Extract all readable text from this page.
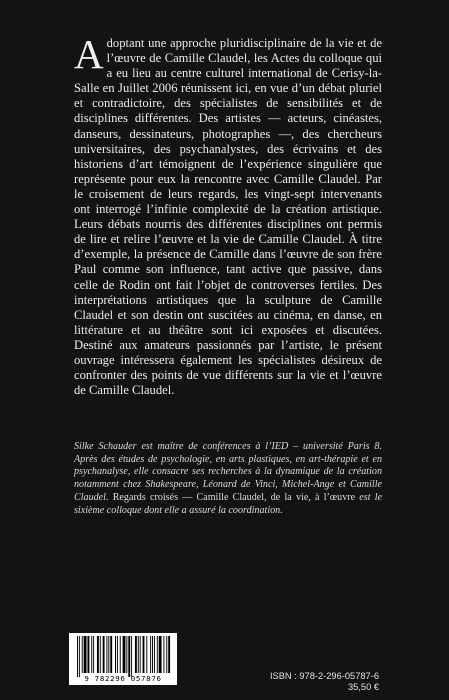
Adoptant une approche pluridisciplinaire de la vie et de l’œuvre de Camille Claudel, les Actes du colloque qui a eu lieu au centre culturel international de Cerisy-la-Salle en Juillet 2006 réunissent ici, en vue d’un débat pluriel et contradictoire, des spécialistes de sensibilités et de disciplines différentes. Des artistes — acteurs, cinéastes, danseurs, dessinateurs, photographes —, des chercheurs universitaires, des psychanalystes, des écrivains et des historiens d’art témoignent de l’expérience singulière que représente pour eux la rencontre avec Camille Claudel. Par le croisement de leurs regards, les vingt-sept intervenants ont interrogé l’infinie complexité de la création artistique. Leurs débats nourris des différentes disciplines ont permis de lire et relire l’œuvre et la vie de Camille Claudel. À titre d’exemple, la présence de Camille dans l’œuvre de son frère Paul comme son influence, tant active que passive, dans celle de Rodin ont fait l’objet de controverses fertiles. Des interprétations artistiques que la sculpture de Camille Claudel et son destin ont suscitées au cinéma, en danse, en littérature et au théâtre sont ici exposées et discutées. Destiné aux amateurs passionnés par l’artiste, le présent ouvrage intéressera également les spécialistes désireux de confronter des points de vue différents sur la vie et l’œuvre de Camille Claudel.

Silke Schauder est maître de conférences à l’IED – université Paris 8. Après des études de psychologie, en arts plastiques, en art-thérapie et en psychanalyse, elle consacre ses recherches à la dynamique de la création notamment chez Shakespeare, Léonard de Vinci, Michel-Ange et Camille Claudel. Regards croisés — Camille Claudel, de la vie, à l’œuvre est le sixième colloque dont elle a assuré la coordination.

9 782296 057876	ISBN : 978-2-296-05787-6
35,50 €
